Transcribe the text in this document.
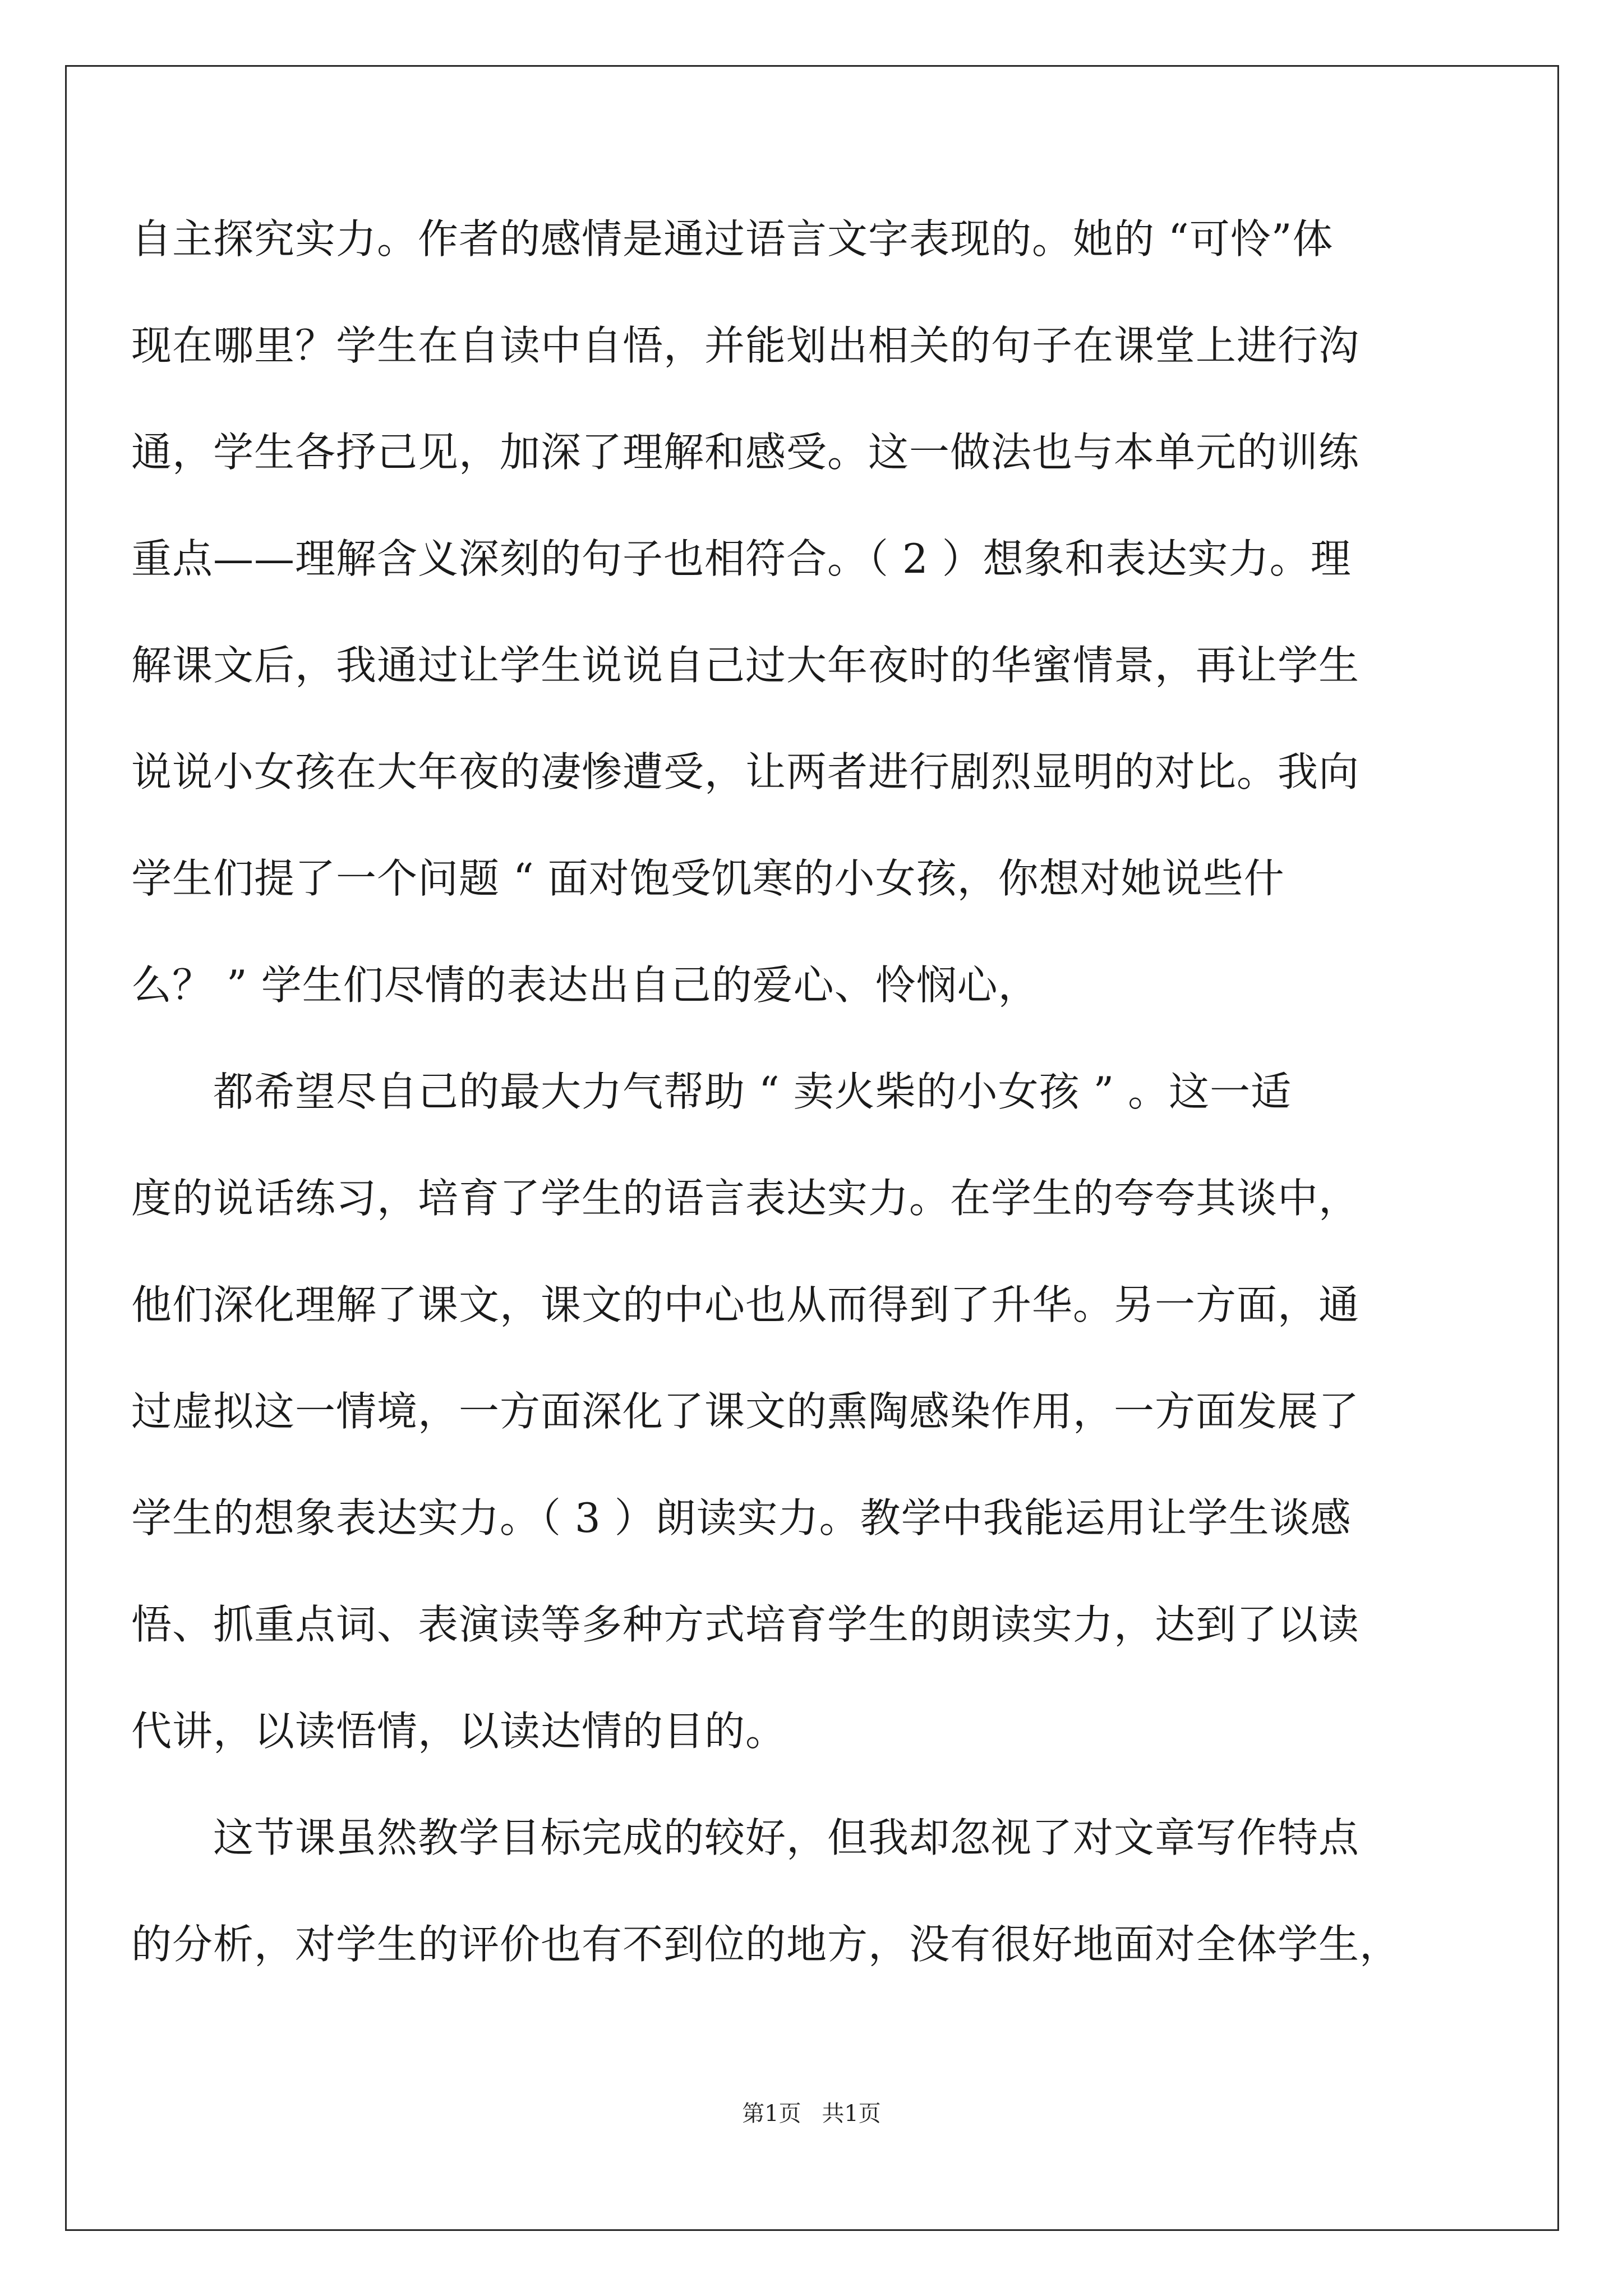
自主探究实力。作者的感情是通过语言文字表现的。她的 “可怜”体
现在哪里？学生在自读中自悟，并能划出相关的句子在课堂上进行沟
通，学生各抒己见，加深了理解和感受。这一做法也与本单元的训练
重点——理解含义深刻的句子也相符合。（ 2 ）想象和表达实力。理
解课文后，我通过让学生说说自己过大年夜时的华蜜情景，再让学生
说说小女孩在大年夜的凄惨遭受，让两者进行剧烈显明的对比。我向
学生们提了一个问题 “ 面对饱受饥寒的小女孩，你想对她说些什
么？ ” 学生们尽情的表达出自己的爱心、怜悯心，
　　都希望尽自己的最大力气帮助 “ 卖火柴的小女孩 ” 。这一适
度的说话练习，培育了学生的语言表达实力。在学生的夸夸其谈中，
他们深化理解了课文，课文的中心也从而得到了升华。另一方面，通
过虚拟这一情境，一方面深化了课文的熏陶感染作用，一方面发展了
学生的想象表达实力。（ 3 ）朗读实力。教学中我能运用让学生谈感
悟、抓重点词、表演读等多种方式培育学生的朗读实力，达到了以读
代讲，以读悟情，以读达情的目的。
　　这节课虽然教学目标完成的较好，但我却忽视了对文章写作特点
的分析，对学生的评价也有不到位的地方，没有很好地面对全体学生，
第1页 共1页
